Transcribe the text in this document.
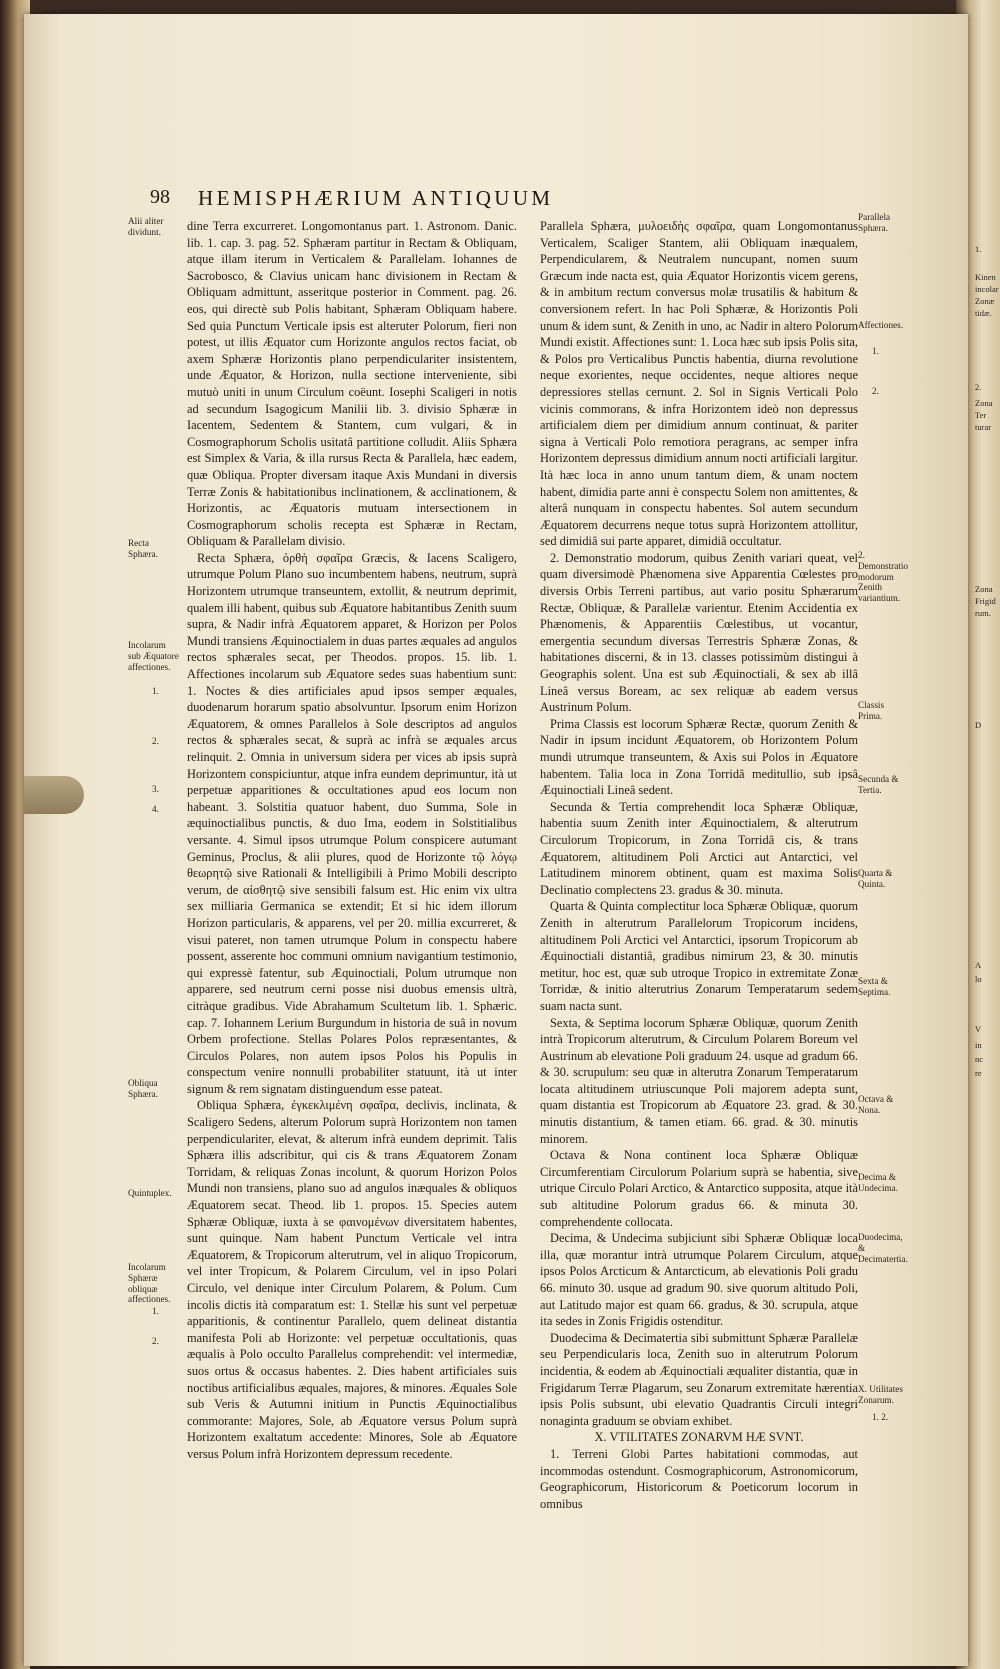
98 HEMISPHÆRIUM ANTIQUUM

dine Terra excurreret. Longomontanus part. 1. Astronom. Danic. lib. 1. cap. 3. pag. 52. Sphæram partitur in Rectam & Obliquam, atque illam iterum in Verticalem & Parallelam. Iohannes de Sacrobosco, & Clavius unicam hanc divisionem in Rectam & Obliquam admittunt, asseritque posterior in Comment. pag. 26. eos, qui directè sub Polis habitant, Sphæram Obliquam habere. Sed quia Punctum Verticale ipsis est alteruter Polorum, fieri non potest, ut illis Æquator cum Horizonte angulos rectos faciat, ob axem Sphæræ Horizontis plano perpendiculariter insistentem, unde Æquator, & Horizon, nulla sectione interveniente, sibi mutuò uniti in unum Circulum coëunt. Iosephi Scaligeri in notis ad secundum Isagogicum Manilii lib. 3. divisio Sphæræ in Iacentem, Sedentem & Stantem, cum vulgari, & in Cosmographorum Scholis usitatâ partitione colludit. Aliis Sphæra est Simplex & Varia, & illa rursus Recta & Parallela, hæc eadem, quæ Obliqua. Propter diversam itaque Axis Mundani in diversis Terræ Zonis & habitationibus inclinationem, & acclinationem, & Horizontis, ac Æquatoris mutuam intersectionem in Cosmographorum scholis recepta est Sphæræ in Rectam, Obliquam & Parallelam divisio.

Recta Sphæra, ὀρθὴ σφαῖρα Græcis, & Iacens Scaligero, utrumque Polum Plano suo incumbentem habens, neutrum, suprà Horizontem utrumque transeuntem, extollit, & neutrum deprimit, qualem illi habent, quibus sub Æquatore habitantibus Zenith suum supra, & Nadir infrà Æquatorem apparet, & Horizon per Polos Mundi transiens Æquinoctialem in duas partes æquales ad angulos rectos sphærales secat, per Theodos. propos. 15. lib. 1. Affectiones incolarum sub Æquatore sedes suas habentium sunt: 1. Noctes & dies artificiales apud ipsos semper æquales, duodenarum horarum spatio absolvuntur. Ipsorum enim Horizon Æquatorem, & omnes Parallelos à Sole descriptos ad angulos rectos & sphærales secat, & suprà ac infrà se æquales arcus relinquit. 2. Omnia in universum sidera per vices ab ipsis suprà Horizontem conspiciuntur, atque infra eundem deprimuntur, ità ut perpetuæ apparitiones & occultationes apud eos locum non habeant. 3. Solstitia quatuor habent, duo Summa, Sole in æquinoctialibus punctis, & duo Ima, eodem in Solstitialibus versante. 4. Simul ipsos utrumque Polum conspicere autumant Geminus, Proclus, & alii plures, quod de Horizonte τῷ λόγῳ θεωρητῷ sive Rationali & Intelligibili à Primo Mobili descripto verum, de αἰσθητῷ sive sensibili falsum est. Hic enim vix ultra sex milliaria Germanica se extendit; Et si hic idem illorum Horizon particularis, & apparens, vel per 20. millia excurreret, & visui pateret, non tamen utrumque Polum in conspectu habere possent, asserente hoc communi omnium navigantium testimonio, qui expressè fatentur, sub Æquinoctiali, Polum utrumque non apparere, sed neutrum cerni posse nisi duobus emensis ultrà, citràque gradibus. Vide Abrahamum Scultetum lib. 1. Sphæric. cap. 7. Iohannem Lerium Burgundum in historia de suâ in novum Orbem profectione. Stellas Polares Polos repræsentantes, & Circulos Polares, non autem ipsos Polos his Populis in conspectum venire nonnulli probabiliter statuunt, ità ut inter signum & rem signatam distinguendum esse pateat.

Obliqua Sphæra, ἐγκεκλιμένη σφαῖρα, declivis, inclinata, & Scaligero Sedens, alterum Polorum suprà Horizontem non tamen perpendiculariter, elevat, & alterum infrà eundem deprimit. Talis Sphæra illis adscribitur, qui cis & trans Æquatorem Zonam Torridam, & reliquas Zonas incolunt, & quorum Horizon Polos Mundi non transiens, plano suo ad angulos inæquales & obliquos Æquatorem secat. Theod. lib 1. propos. 15. Species autem Sphæræ Obliquæ, iuxta à se φαινομένων diversitatem habentes, sunt quinque. Nam habent Punctum Verticale vel intra Æquatorem, & Tropicorum alterutrum, vel in aliquo Tropicorum, vel inter Tropicum, & Polarem Circulum, vel in ipso Polari Circulo, vel denique inter Circulum Polarem, & Polum. Cum incolis dictis ità comparatum est: 1. Stellæ his sunt vel perpetuæ apparitionis, & continentur Parallelo, quem delineat distantia manifesta Poli ab Horizonte: vel perpetuæ occultationis, quas æqualis à Polo occulto Parallelus comprehendit: vel intermediæ, suos ortus & occasus habentes. 2. Dies habent artificiales suis noctibus artificialibus æquales, majores, & minores. Æquales Sole sub Veris & Autumni initium in Punctis Æquinoctialibus commorante: Majores, Sole, ab Æquatore versus Polum suprà Horizontem exaltatum accedente: Minores, Sole ab Æquatore versus Polum infrà Horizontem depressum recedente.

Parallela Sphæra, μυλοειδὴς σφαῖρα, quam Longomontanus Verticalem, Scaliger Stantem, alii Obliquam inæqualem, Perpendicularem, & Neutralem nuncupant, nomen suum Græcum inde nacta est, quia Æquator Horizontis vicem gerens, & in ambitum rectum conversus molæ trusatilis & habitum & conversionem refert. In hac Poli Sphæræ, & Horizontis Poli unum & idem sunt, & Zenith in uno, ac Nadir in altero Polorum Mundi existit. Affectiones sunt: 1. Loca hæc sub ipsis Polis sita, & Polos pro Verticalibus Punctis habentia, diurna revolutione neque exorientes, neque occidentes, neque altiores neque depressiores stellas cernunt. 2. Sol in Signis Verticali Polo vicinis commorans, & infra Horizontem ideò non depressus artificialem diem per dimidium annum continuat, & pariter signa à Verticali Polo remotiora peragrans, ac semper infra Horizontem depressus dimidium annum nocti artificiali largitur. Ità hæc loca in anno unum tantum diem, & unam noctem habent, dimidia parte anni è conspectu Solem non amittentes, & alterâ nunquam in conspectu habentes. Sol autem secundum Æquatorem decurrens neque totus suprà Horizontem attollitur, sed dimidiâ sui parte apparet, dimidiâ occultatur.

2. Demonstratio modorum, quibus Zenith variari queat, vel quam diversimodè Phænomena sive Apparentia Cœlestes pro diversis Orbis Terreni partibus, aut vario positu Sphærarum Rectæ, Obliquæ, & Parallelæ varientur. Etenim Accidentia ex Phænomenis, & Apparentiis Cœlestibus, ut vocantur, emergentia secundum diversas Terrestris Sphæræ Zonas, & habitationes discerni, & in 13. classes potissimùm distingui à Geographis solent. Una est sub Æquinoctiali, & sex ab illâ Lineâ versus Boream, ac sex reliquæ ab eadem versus Austrinum Polum.

Prima Classis est locorum Sphæræ Rectæ, quorum Zenith & Nadir in ipsum incidunt Æquatorem, ob Horizontem Polum mundi utrumque transeuntem, & Axis sui Polos in Æquatore habentem. Talia loca in Zona Torridâ meditullio, sub ipsâ Æquinoctiali Lineâ sedent.

Secunda & Tertia comprehendit loca Sphæræ Obliquæ, habentia suum Zenith inter Æquinoctialem, & alterutrum Circulorum Tropicorum, in Zona Torridâ cis, & trans Æquatorem, altitudinem Poli Arctici aut Antarctici, vel Latitudinem minorem obtinent, quam est maxima Solis Declinatio complectens 23. gradus & 30. minuta.

Quarta & Quinta complectitur loca Sphæræ Obliquæ, quorum Zenith in alterutrum Parallelorum Tropicorum incidens, altitudinem Poli Arctici vel Antarctici, ipsorum Tropicorum ab Æquinoctiali distantiâ, gradibus nimirum 23, & 30. minutis metitur, hoc est, quæ sub utroque Tropico in extremitate Zonæ Torridæ, & initio alterutrius Zonarum Temperatarum sedem suam nacta sunt.

Sexta, & Septima locorum Sphæræ Obliquæ, quorum Zenith intrà Tropicorum alterutrum, & Circulum Polarem Boreum vel Austrinum ab elevatione Poli graduum 24. usque ad gradum 66. & 30. scrupulum: seu quæ in alterutra Zonarum Temperatarum locata altitudinem utriuscunque Poli majorem adepta sunt, quam distantia est Tropicorum ab Æquatore 23. grad. & 30. minutis distantium, & tamen etiam. 66. grad. & 30. minutis minorem.

Octava & Nona continent loca Sphæræ Obliquæ Circumferentiam Circulorum Polarium suprà se habentia, sive utrique Circulo Polari Arctico, & Antarctico supposita, atque ità sub altitudine Polorum gradus 66. & minuta 30. comprehendente collocata.

Decima, & Undecima subjiciunt sibi Sphæræ Obliquæ loca illa, quæ morantur intrà utrumque Polarem Circulum, atque ipsos Polos Arcticum & Antarcticum, ab elevationis Poli gradu 66. minuto 30. usque ad gradum 90. sive quorum altitudo Poli, aut Latitudo major est quam 66. gradus, & 30. scrupula, atque ita sedes in Zonis Frigidis ostenditur.

Duodecima & Decimatertia sibi submittunt Sphæræ Parallelæ seu Perpendicularis loca, Zenith suo in alterutrum Polorum incidentia, & eodem ab Æquinoctiali æqualiter distantia, quæ in Frigidarum Terræ Plagarum, seu Zonarum extremitate hærentia ipsis Polis subsunt, ubi elevatio Quadrantis Circuli integri nonaginta graduum se obviam exhibet.

X. VTILITATES ZONARVM HÆ SVNT.

1. Terreni Globi Partes habitationi commodas, aut incommodas ostendunt. Cosmographicorum, Astronomicorum, Geographicorum, Historicorum & Poeticorum locorum in omnibus

Alii aliter dividunt.
Recta Sphæra.
Incolarum sub Æquatore affectiones.
1.
2.
3.
4.
Obliqua Sphæra.
Quintuplex.
Incolarum Sphæræ obliquæ affectiones.
1.
2.
Parallela Sphæra.
Affectiones.
1.
2.
2. Demonstratio modorum Zenith variantium.
Classis Prima.
Secunda & Tertia.
Quarta & Quinta.
Sexta & Septima.
Octava & Nona.
Decima & Undecima.
Duodecima, & Decimatertia.
X. Utilitates Zonarum.
1. 2.
1.
Kinen
incolar
Zonæ
tidæ.
2.
Zona
Ter
turar
Zona
Frigid
rum.
D
A
lo
V
in
nc
re
